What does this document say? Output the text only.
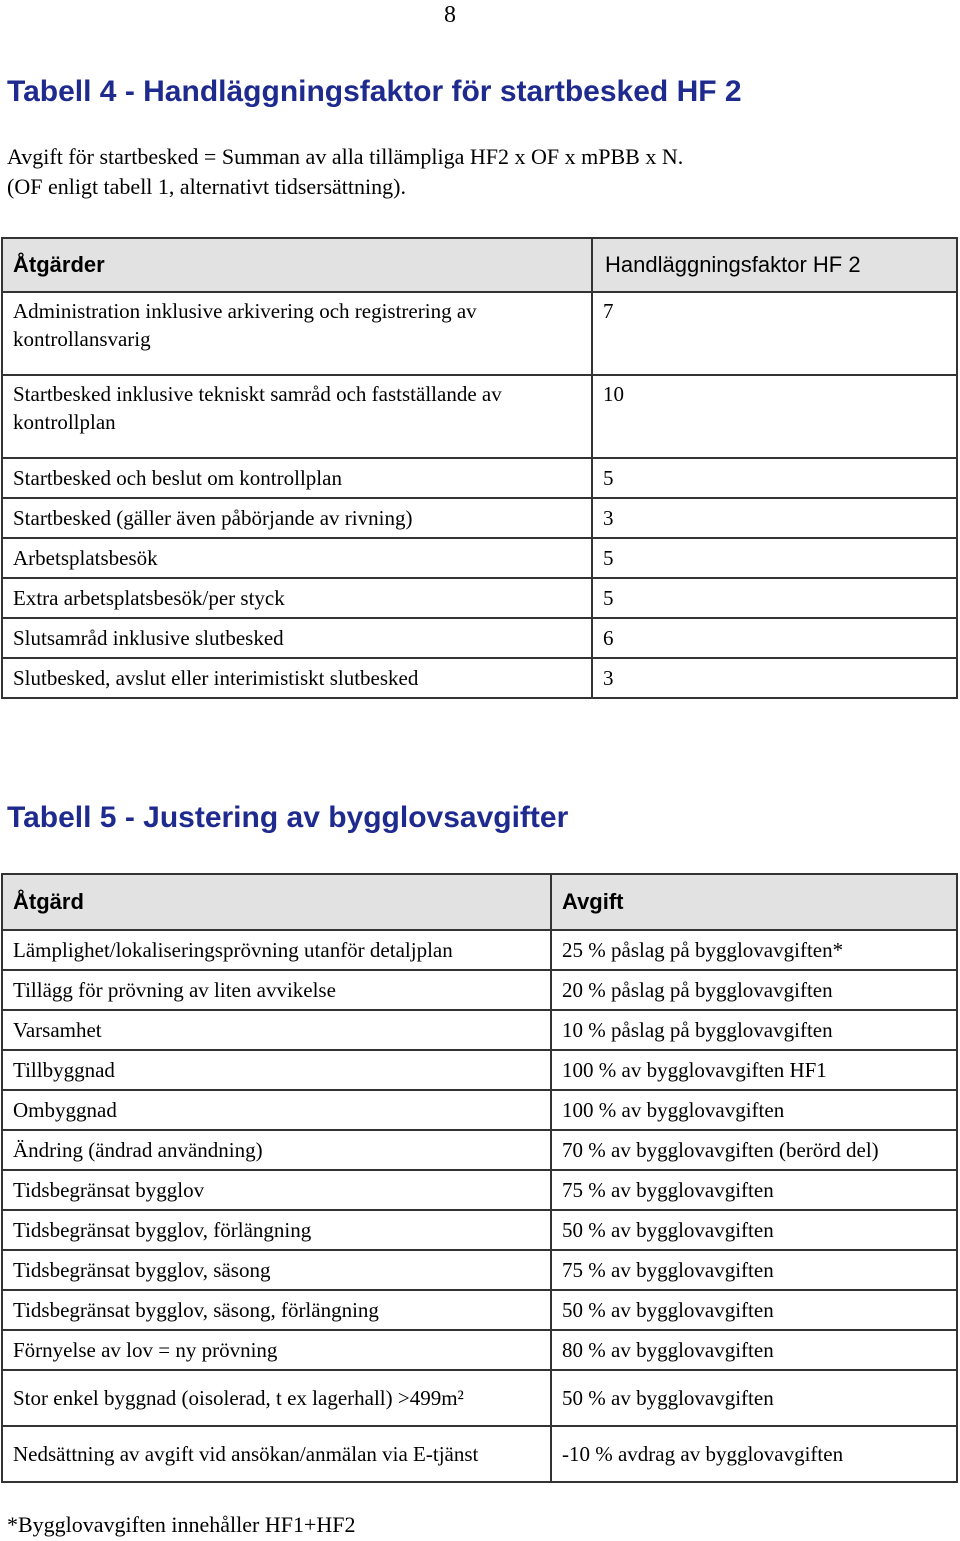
8
Tabell 4 - Handläggningsfaktor för startbesked HF 2

Avgift för startbesked = Summan av alla tillämpliga HF2 x OF x mPBB x N.

(OF enligt tabell 1, alternativt tidsersättning).

Åtgärder	Handläggningsfaktor HF 2
Administration inklusive arkivering och registrering av kontrollansvarig	7
Startbesked inklusive tekniskt samråd och fastställande av kontrollplan	10
Startbesked och beslut om kontrollplan	5
Startbesked (gäller även påbörjande av rivning)	3
Arbetsplatsbesök	5
Extra arbetsplatsbesök/per styck	5
Slutsamråd inklusive slutbesked	6
Slutbesked, avslut eller interimistiskt slutbesked	3
Tabell 5 - Justering av bygglovsavgifter
Åtgärd	Avgift
Lämplighet/lokaliseringsprövning utanför detaljplan	25 % påslag på bygglovavgiften*
Tillägg för prövning av liten avvikelse	20 % påslag på bygglovavgiften
Varsamhet	10 % påslag på bygglovavgiften
Tillbyggnad	100 % av bygglovavgiften HF1
Ombyggnad	100 % av bygglovavgiften
Ändring (ändrad användning)	70 % av bygglovavgiften (berörd del)
Tidsbegränsat bygglov	75 % av bygglovavgiften
Tidsbegränsat bygglov, förlängning	50 % av bygglovavgiften
Tidsbegränsat bygglov, säsong	75 % av bygglovavgiften
Tidsbegränsat bygglov, säsong, förlängning	50 % av bygglovavgiften
Förnyelse av lov = ny prövning	80 % av bygglovavgiften
Stor enkel byggnad (oisolerad, t ex lagerhall) >499m²	50 % av bygglovavgiften
Nedsättning av avgift vid ansökan/anmälan via E-tjänst	-10 % avdrag av bygglovavgiften
*Bygglovavgiften innehåller HF1+HF2
